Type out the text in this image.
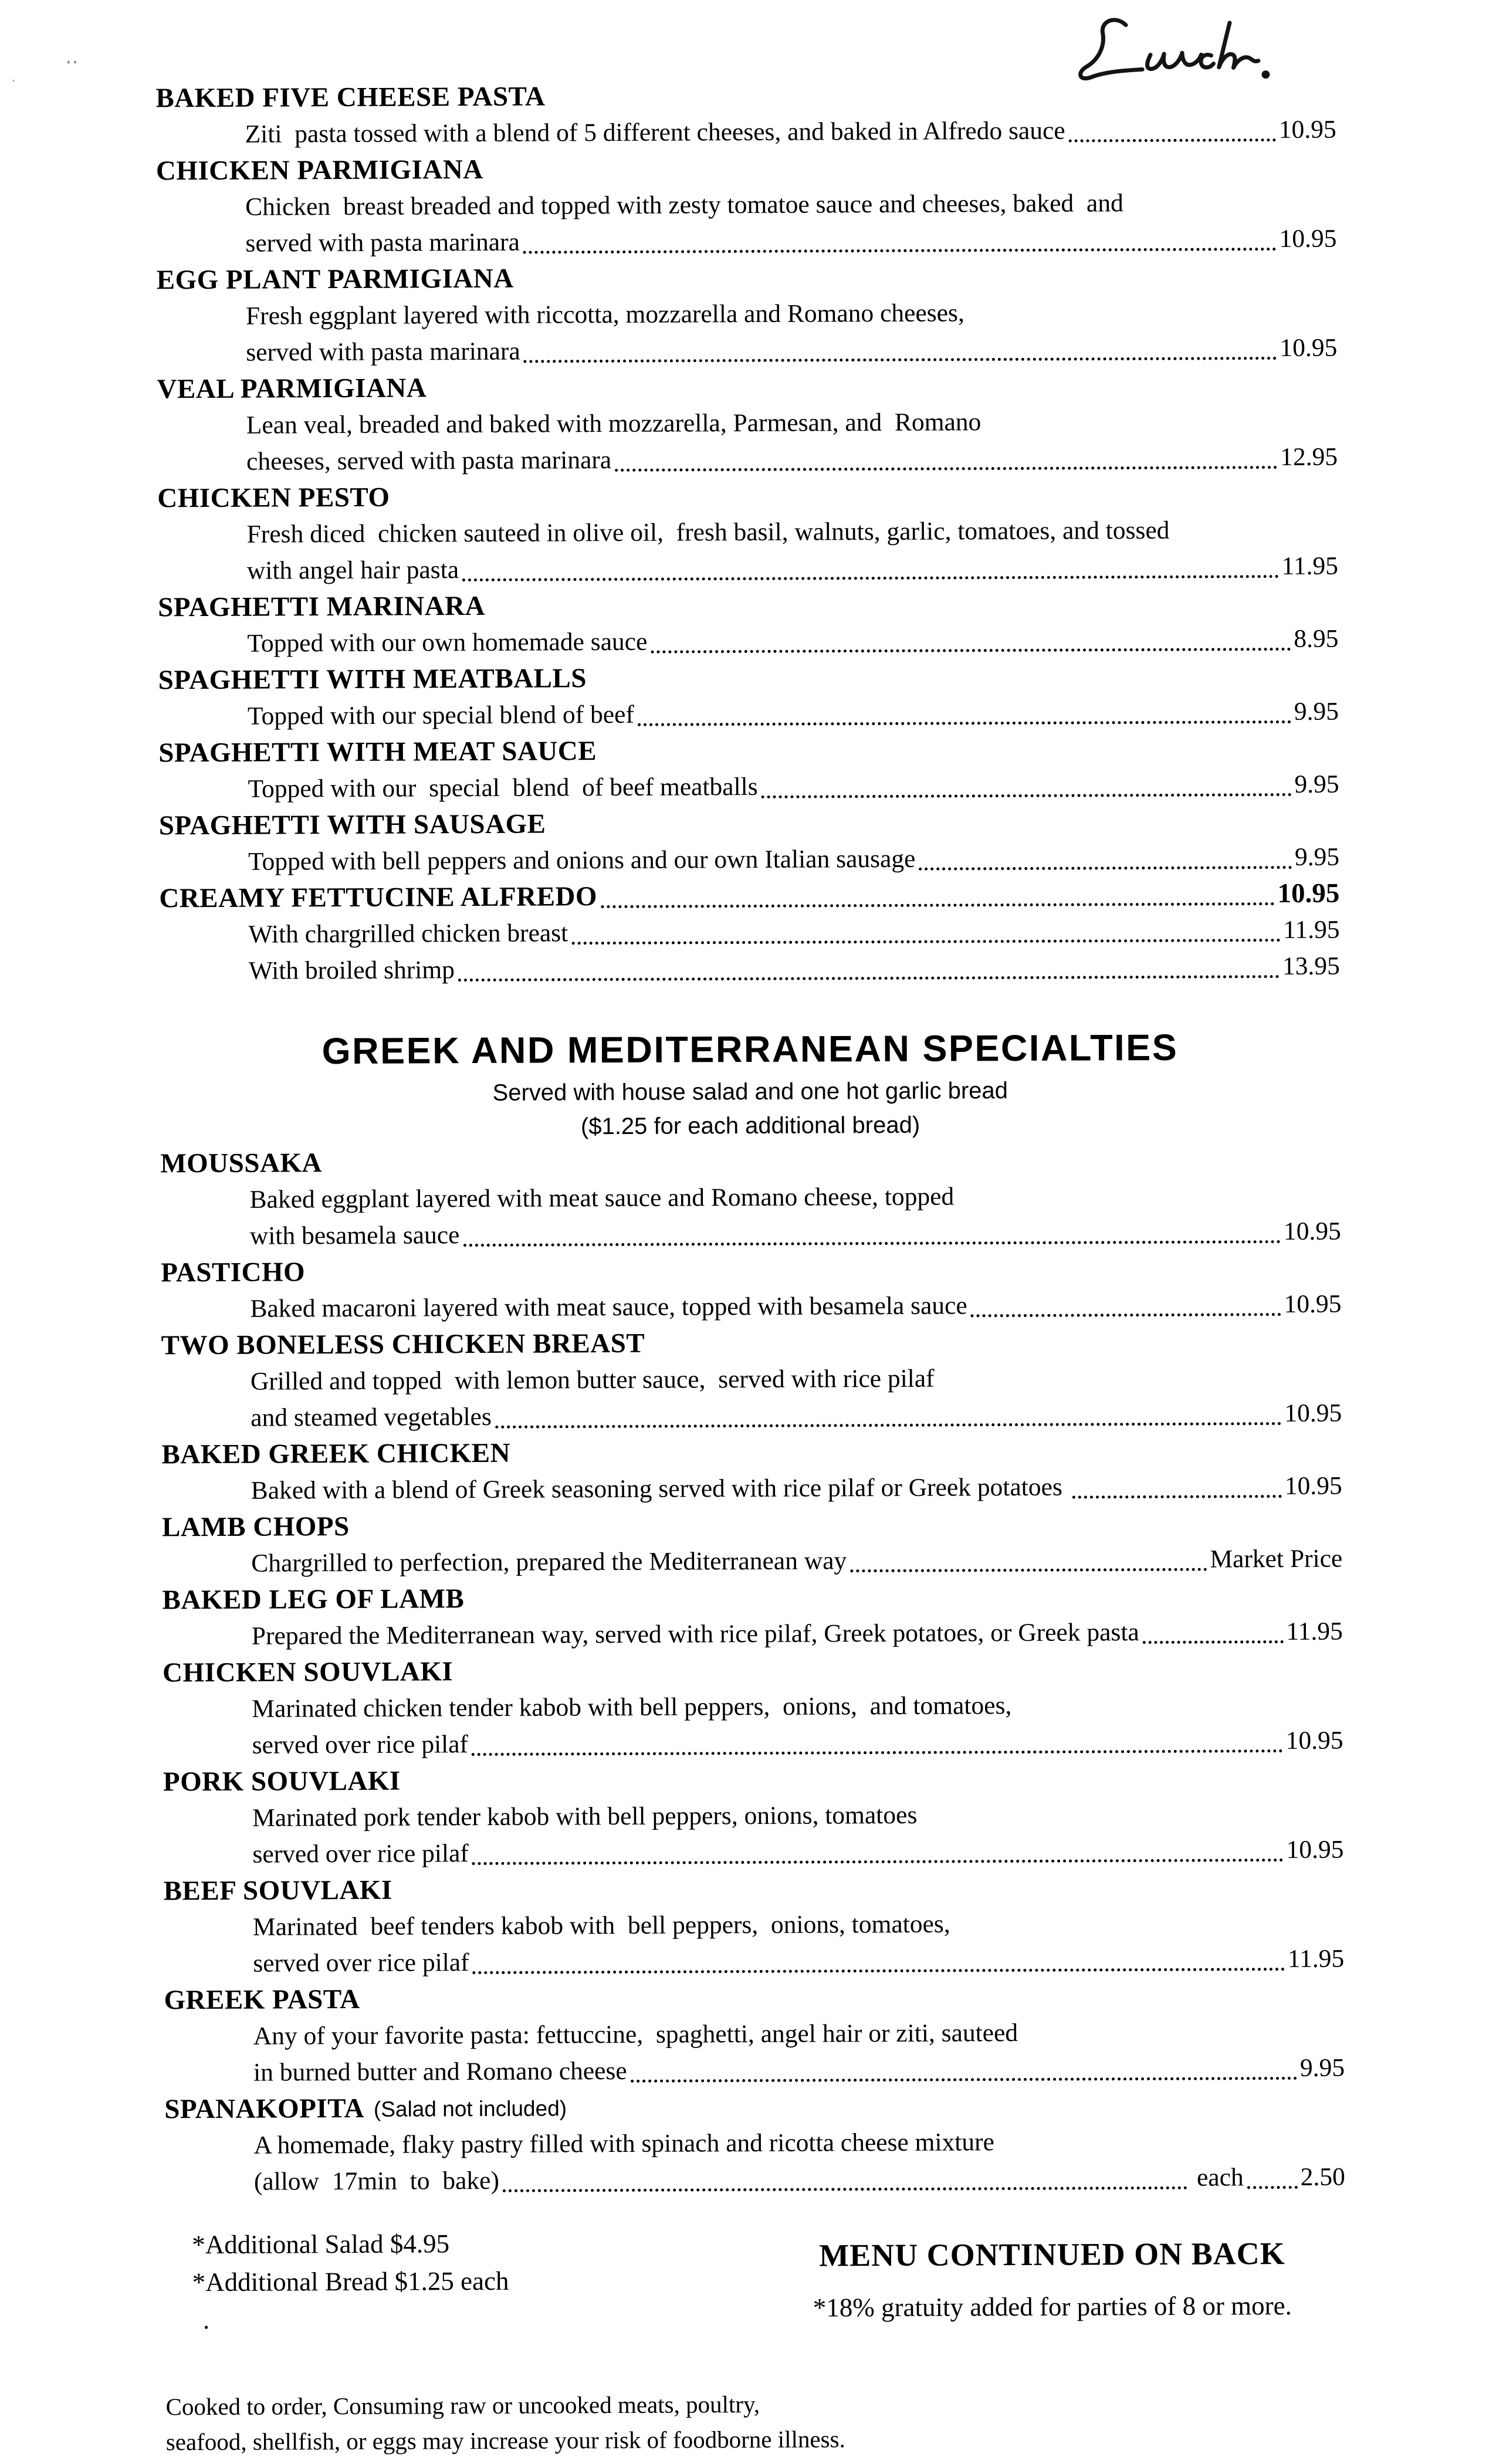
‥
·
BAKED FIVE CHEESE PASTA
Ziti  pasta tossed with a blend of 5 different cheeses, and baked in Alfredo sauce	10.95
CHICKEN PARMIGIANA
Chicken  breast breaded and topped with zesty tomatoe sauce and cheeses, baked  and
served with pasta marinara	10.95
EGG PLANT PARMIGIANA
Fresh eggplant layered with riccotta, mozzarella and Romano cheeses,
served with pasta marinara	10.95
VEAL PARMIGIANA
Lean veal, breaded and baked with mozzarella, Parmesan, and  Romano
cheeses, served with pasta marinara	12.95
CHICKEN PESTO
Fresh diced  chicken sauteed in olive oil,  fresh basil, walnuts, garlic, tomatoes, and tossed
with angel hair pasta	11.95
SPAGHETTI MARINARA
Topped with our own homemade sauce	8.95
SPAGHETTI WITH MEATBALLS
Topped with our special blend of beef	9.95
SPAGHETTI WITH MEAT SAUCE
Topped with our  special  blend  of beef meatballs	9.95
SPAGHETTI WITH SAUSAGE
Topped with bell peppers and onions and our own Italian sausage	9.95
CREAMY FETTUCINE ALFREDO	10.95
With chargrilled chicken breast	11.95
With broiled shrimp	13.95
GREEK AND MEDITERRANEAN SPECIALTIES
Served with house salad and one hot garlic bread
($1.25 for each additional bread)
MOUSSAKA
Baked eggplant layered with meat sauce and Romano cheese, topped
with besamela sauce	10.95
PASTICHO
Baked macaroni layered with meat sauce, topped with besamela sauce	10.95
TWO BONELESS CHICKEN BREAST
Grilled and topped  with lemon butter sauce,  served with rice pilaf
and steamed vegetables	10.95
BAKED GREEK CHICKEN
Baked with a blend of Greek seasoning served with rice pilaf or Greek potatoes	10.95
LAMB CHOPS
Chargrilled to perfection, prepared the Mediterranean way	Market Price
BAKED LEG OF LAMB
Prepared the Mediterranean way, served with rice pilaf, Greek potatoes, or Greek pasta	11.95
CHICKEN SOUVLAKI
Marinated chicken tender kabob with bell peppers,  onions,  and tomatoes,
served over rice pilaf	10.95
PORK SOUVLAKI
Marinated pork tender kabob with bell peppers, onions, tomatoes
served over rice pilaf	10.95
BEEF SOUVLAKI
Marinated  beef tenders kabob with  bell peppers,  onions, tomatoes,
served over rice pilaf	11.95
GREEK PASTA
Any of your favorite pasta: fettuccine,  spaghetti, angel hair or ziti, sauteed
in burned butter and Romano cheese	9.95
SPANAKOPITA (Salad not included)
A homemade, flaky pastry filled with spinach and ricotta cheese mixture
(allow  17min  to  bake)	each 2.50
*Additional Salad $4.95
*Additional Bread $1.25 each
.
MENU CONTINUED ON BACK
*18% gratuity added for parties of 8 or more.
Cooked to order, Consuming raw or uncooked meats, poultry,
seafood, shellfish, or eggs may increase your risk of foodborne illness.
